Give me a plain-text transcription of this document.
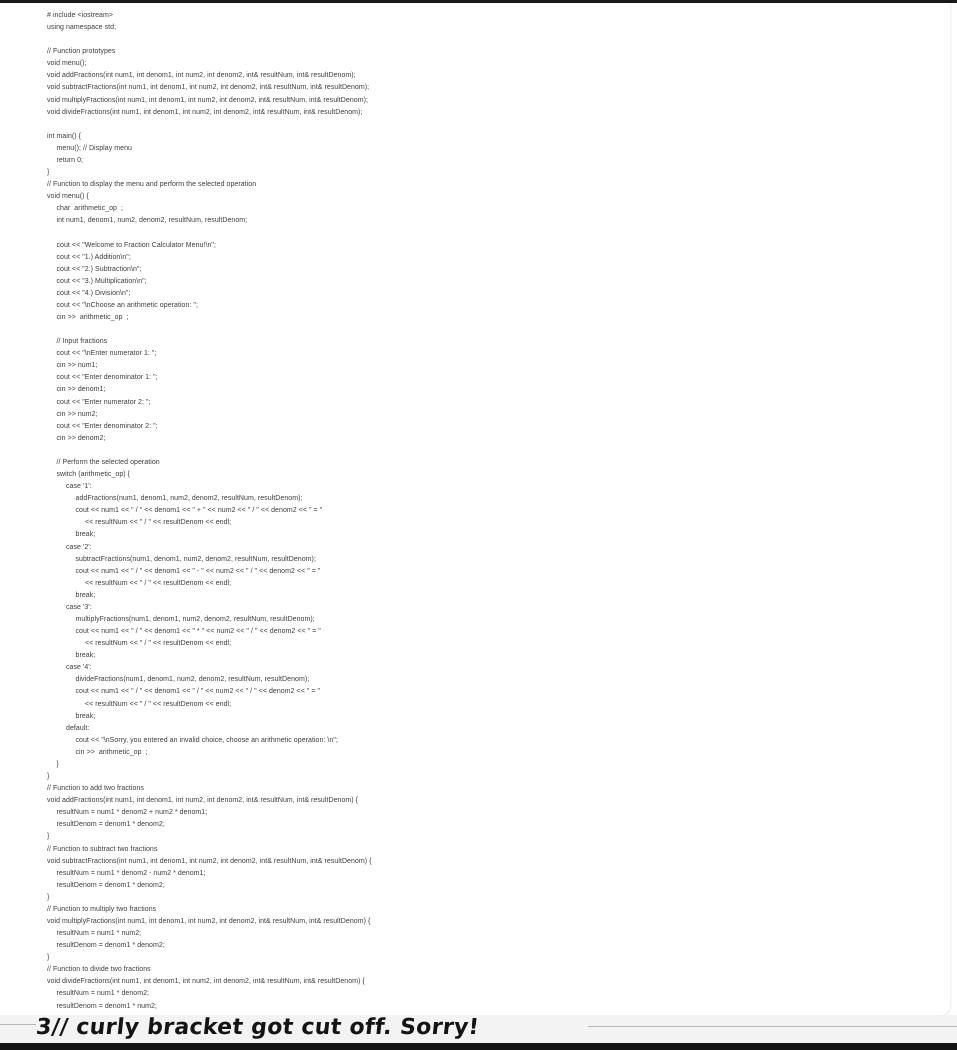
# include <iostream>
using namespace std;
// Function prototypes
void menu();
void addFractions(int num1, int denom1, int num2, int denom2, int& resultNum, int& resultDenom);
void subtractFractions(int num1, int denom1, int num2, int denom2, int& resultNum, int& resultDenom);
void multiplyFractions(int num1, int denom1, int num2, int denom2, int& resultNum, int& resultDenom);
void divideFractions(int num1, int denom1, int num2, int denom2, int& resultNum, int& resultDenom);
int main() {
menu(); // Display menu
return 0;
}
// Function to display the menu and perform the selected operation
void menu() {
char  arithmetic_op  ;
int num1, denom1, num2, denom2, resultNum, resultDenom;
cout << "Welcome to Fraction Calculator Menu!\n";
cout << "1.) Addition\n";
cout << "2.) Subtraction\n";
cout << "3.) Multiplication\n";
cout << "4.) Division\n";
cout << "\nChoose an arithmetic operation: ";
cin >>  arithmetic_op  ;
// Input fractions
cout << "\nEnter numerator 1: ";
cin >> num1;
cout << "Enter denominator 1: ";
cin >> denom1;
cout << "Enter numerator 2: ";
cin >> num2;
cout << "Enter denominator 2: ";
cin >> denom2;
// Perform the selected operation
switch (arithmetic_op) {
case '1':
addFractions(num1, denom1, num2, denom2, resultNum, resultDenom);
cout << num1 << " / " << denom1 << " + " << num2 << " / " << denom2 << " = "
<< resultNum << " / " << resultDenom << endl;
break;
case '2':
subtractFractions(num1, denom1, num2, denom2, resultNum, resultDenom);
cout << num1 << " / " << denom1 << " - " << num2 << " / " << denom2 << " = "
<< resultNum << " / " << resultDenom << endl;
break;
case '3':
multiplyFractions(num1, denom1, num2, denom2, resultNum, resultDenom);
cout << num1 << " / " << denom1 << " * " << num2 << " / " << denom2 << " = "
<< resultNum << " / " << resultDenom << endl;
break;
case '4':
divideFractions(num1, denom1, num2, denom2, resultNum, resultDenom);
cout << num1 << " / " << denom1 << " / " << num2 << " / " << denom2 << " = "
<< resultNum << " / " << resultDenom << endl;
break;
default:
cout << "\nSorry, you entered an invalid choice, choose an arithmetic operation: \n";
cin >>  arithmetic_op  ;
}
}
// Function to add two fractions
void addFractions(int num1, int denom1, int num2, int denom2, int& resultNum, int& resultDenom) {
resultNum = num1 * denom2 + num2 * denom1;
resultDenom = denom1 * denom2;
}
// Function to subtract two fractions
void subtractFractions(int num1, int denom1, int num2, int denom2, int& resultNum, int& resultDenom) {
resultNum = num1 * denom2 - num2 * denom1;
resultDenom = denom1 * denom2;
}
// Function to multiply two fractions
void multiplyFractions(int num1, int denom1, int num2, int denom2, int& resultNum, int& resultDenom) {
resultNum = num1 * num2;
resultDenom = denom1 * denom2;
}
// Function to divide two fractions
void divideFractions(int num1, int denom1, int num2, int denom2, int& resultNum, int& resultDenom) {
resultNum = num1 * denom2;
resultDenom = denom1 * num2;
3// curly bracket got cut off. Sorry!
